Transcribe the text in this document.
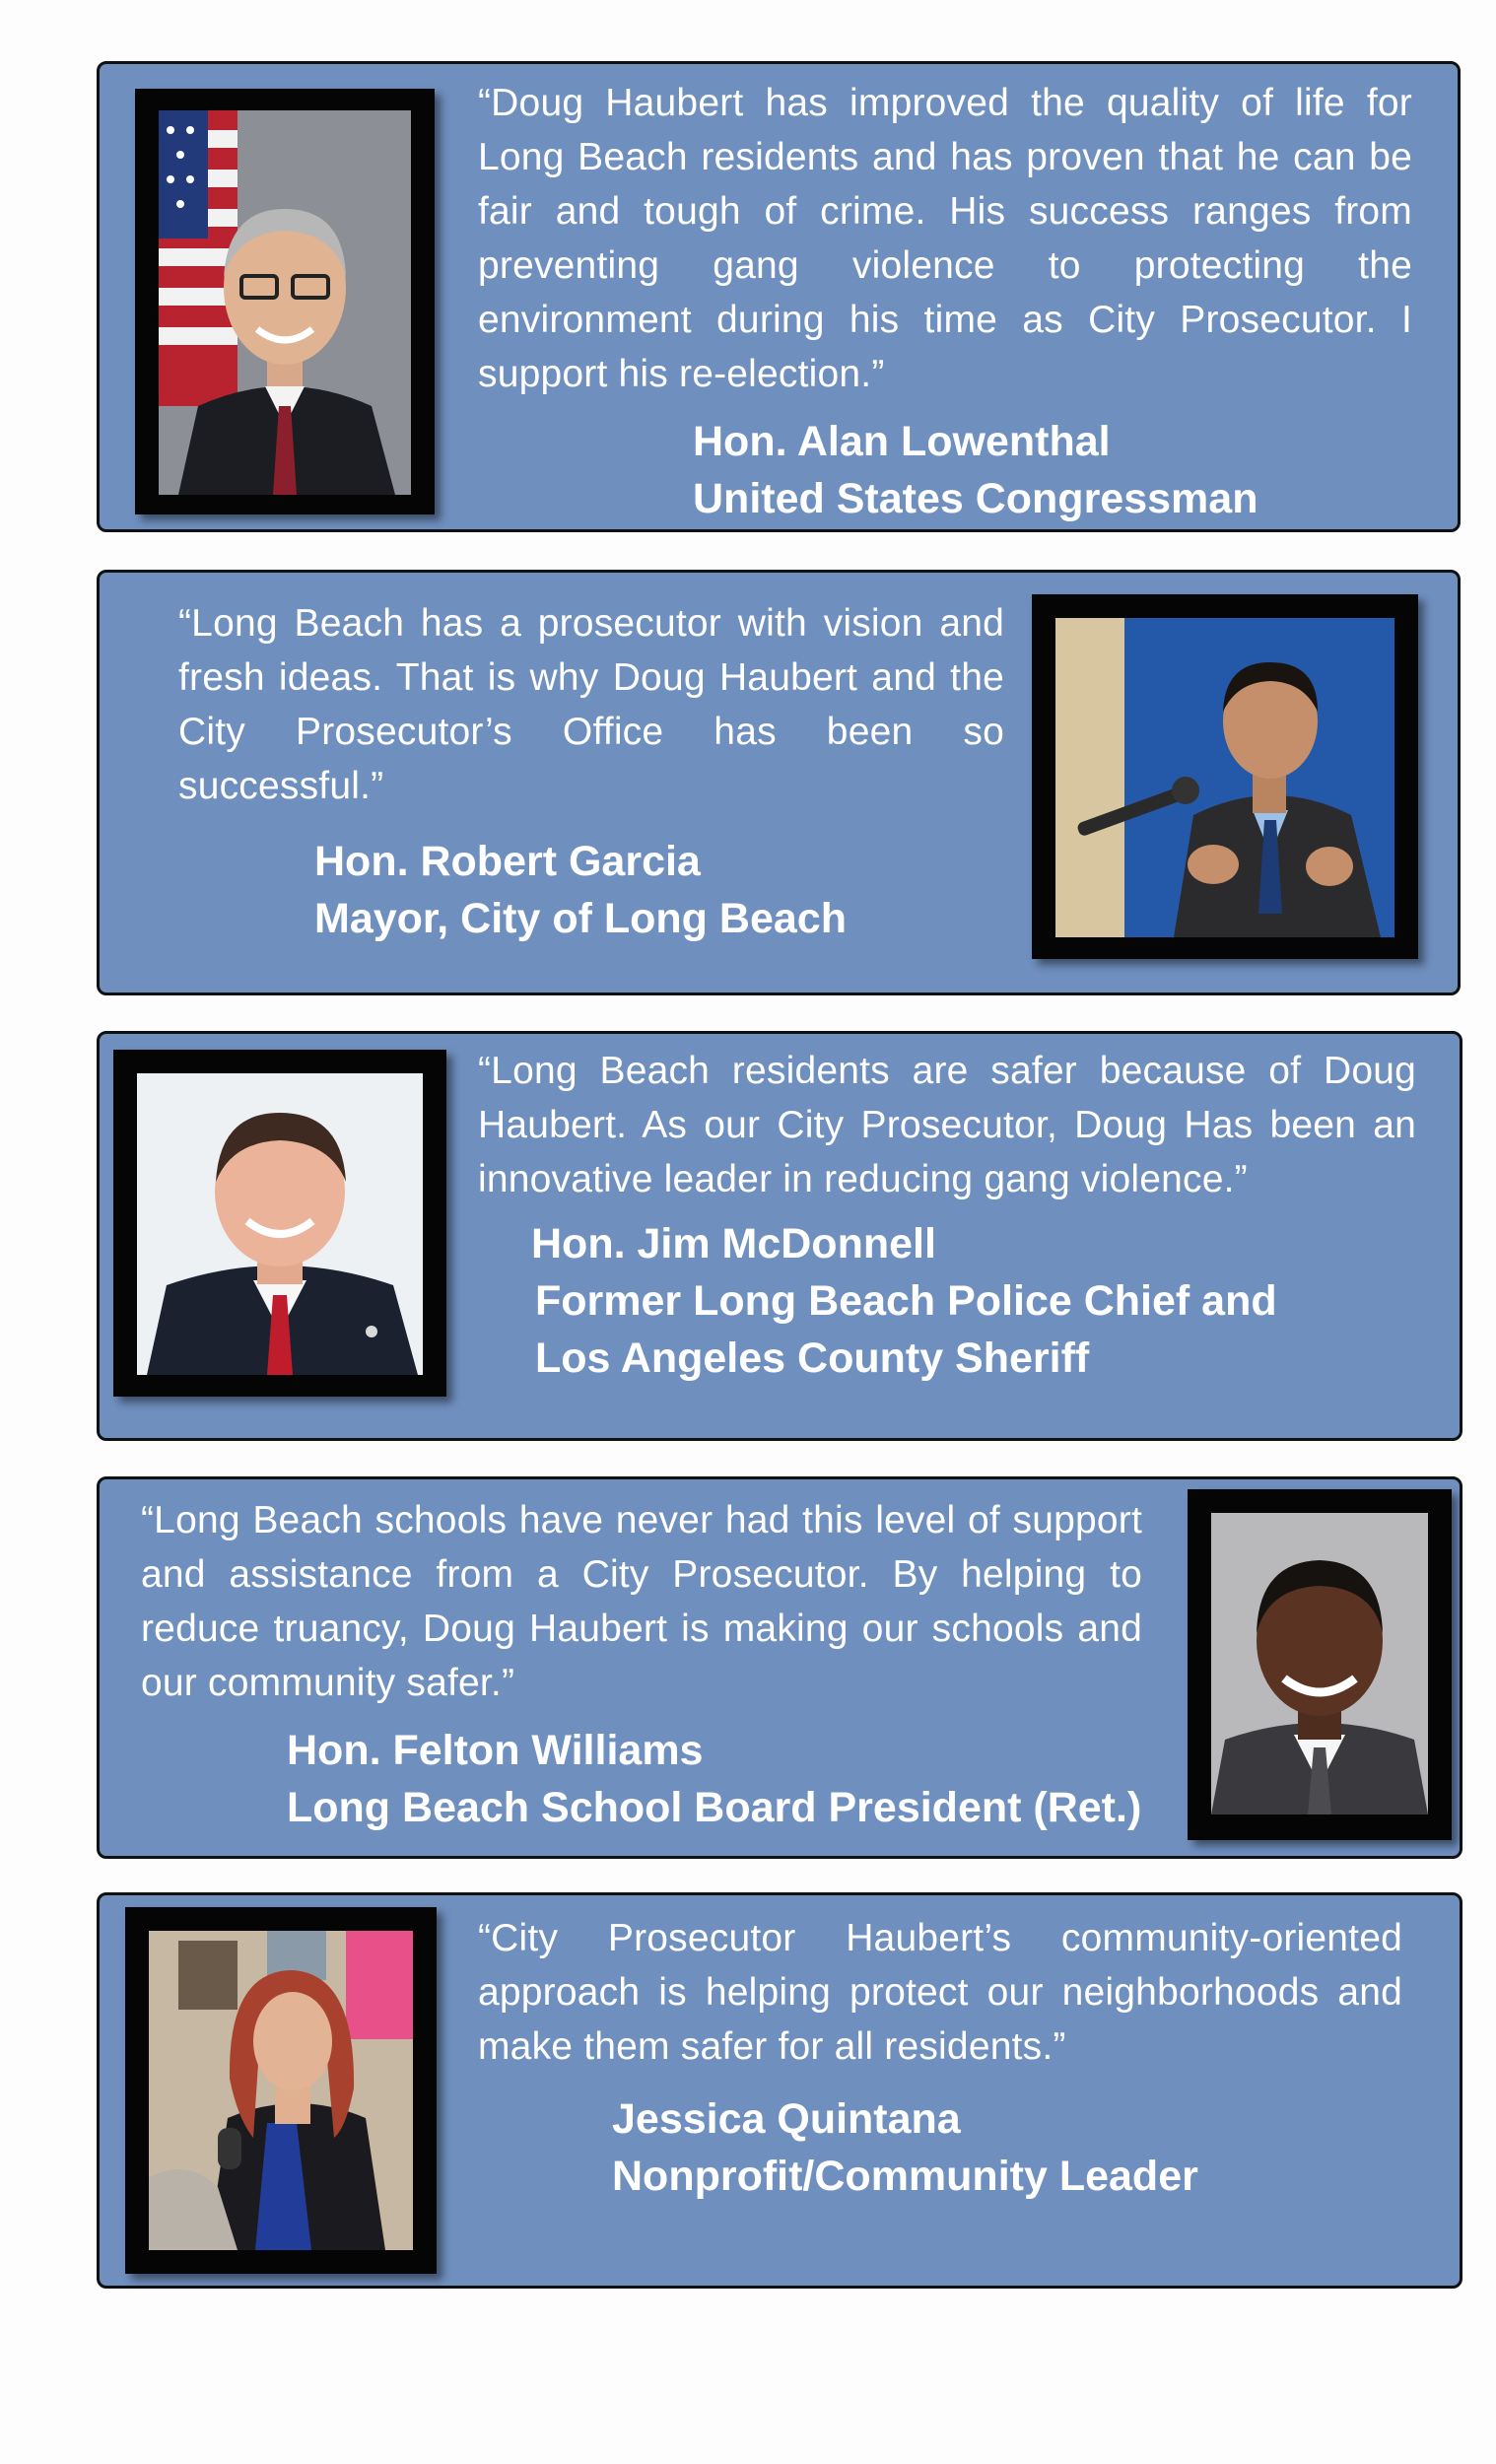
“Doug Haubert has improved the quality of life for Long Beach residents and has proven that he can be fair and tough of crime. His success ranges from preventing gang violence to protecting the environment during his time as City Prosecutor. I support his re-election.”

Hon. Alan Lowenthal
United States Congressman

“Long Beach has a prosecutor with vision and fresh ideas. That is why Doug Haubert and the City Prosecutor’s Office has been so successful.”

Hon. Robert Garcia
Mayor, City of Long Beach

“Long Beach residents are safer because of Doug Haubert. As our City Prosecutor, Doug Has been an innovative leader in reducing gang violence.”

Hon. Jim McDonnell
Former Long Beach Police Chief and
Los Angeles County Sheriff

“Long Beach schools have never had this level of support and assistance from a City Prosecutor. By helping to reduce truancy, Doug Haubert is making our schools and our community safer.”

Hon. Felton Williams
Long Beach School Board President (Ret.)

“City Prosecutor Haubert’s community-oriented approach is helping protect our neighborhoods and make them safer for all residents.”

Jessica Quintana
Nonprofit/Community Leader
